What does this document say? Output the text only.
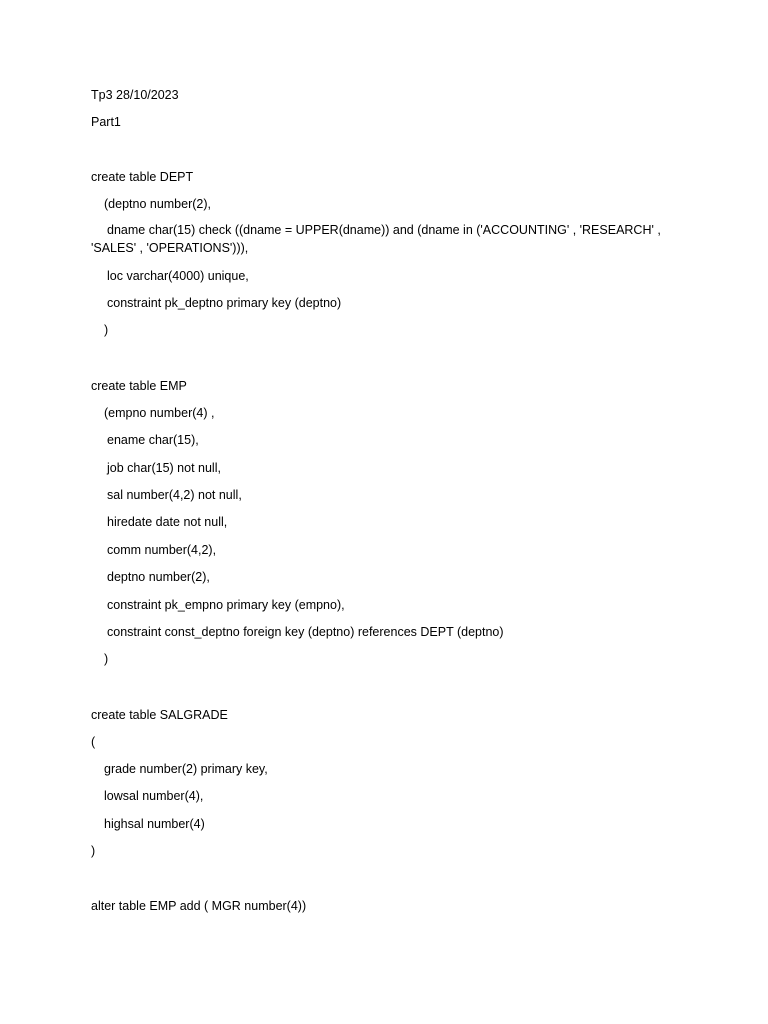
Tp3 28/10/2023
Part1
create table DEPT
(deptno number(2),
dname char(15) check ((dname = UPPER(dname)) and (dname in ('ACCOUNTING' , 'RESEARCH' , 'SALES' , 'OPERATIONS'))),
loc varchar(4000) unique,
constraint pk_deptno primary key (deptno)
)
create table EMP
(empno number(4) ,
ename char(15),
job char(15) not null,
sal number(4,2) not null,
hiredate date not null,
comm number(4,2),
deptno number(2),
constraint pk_empno primary key (empno),
constraint const_deptno foreign key (deptno) references DEPT (deptno)
)
create table SALGRADE
(
grade number(2) primary key,
lowsal number(4),
highsal number(4)
)
alter table EMP add ( MGR number(4))
